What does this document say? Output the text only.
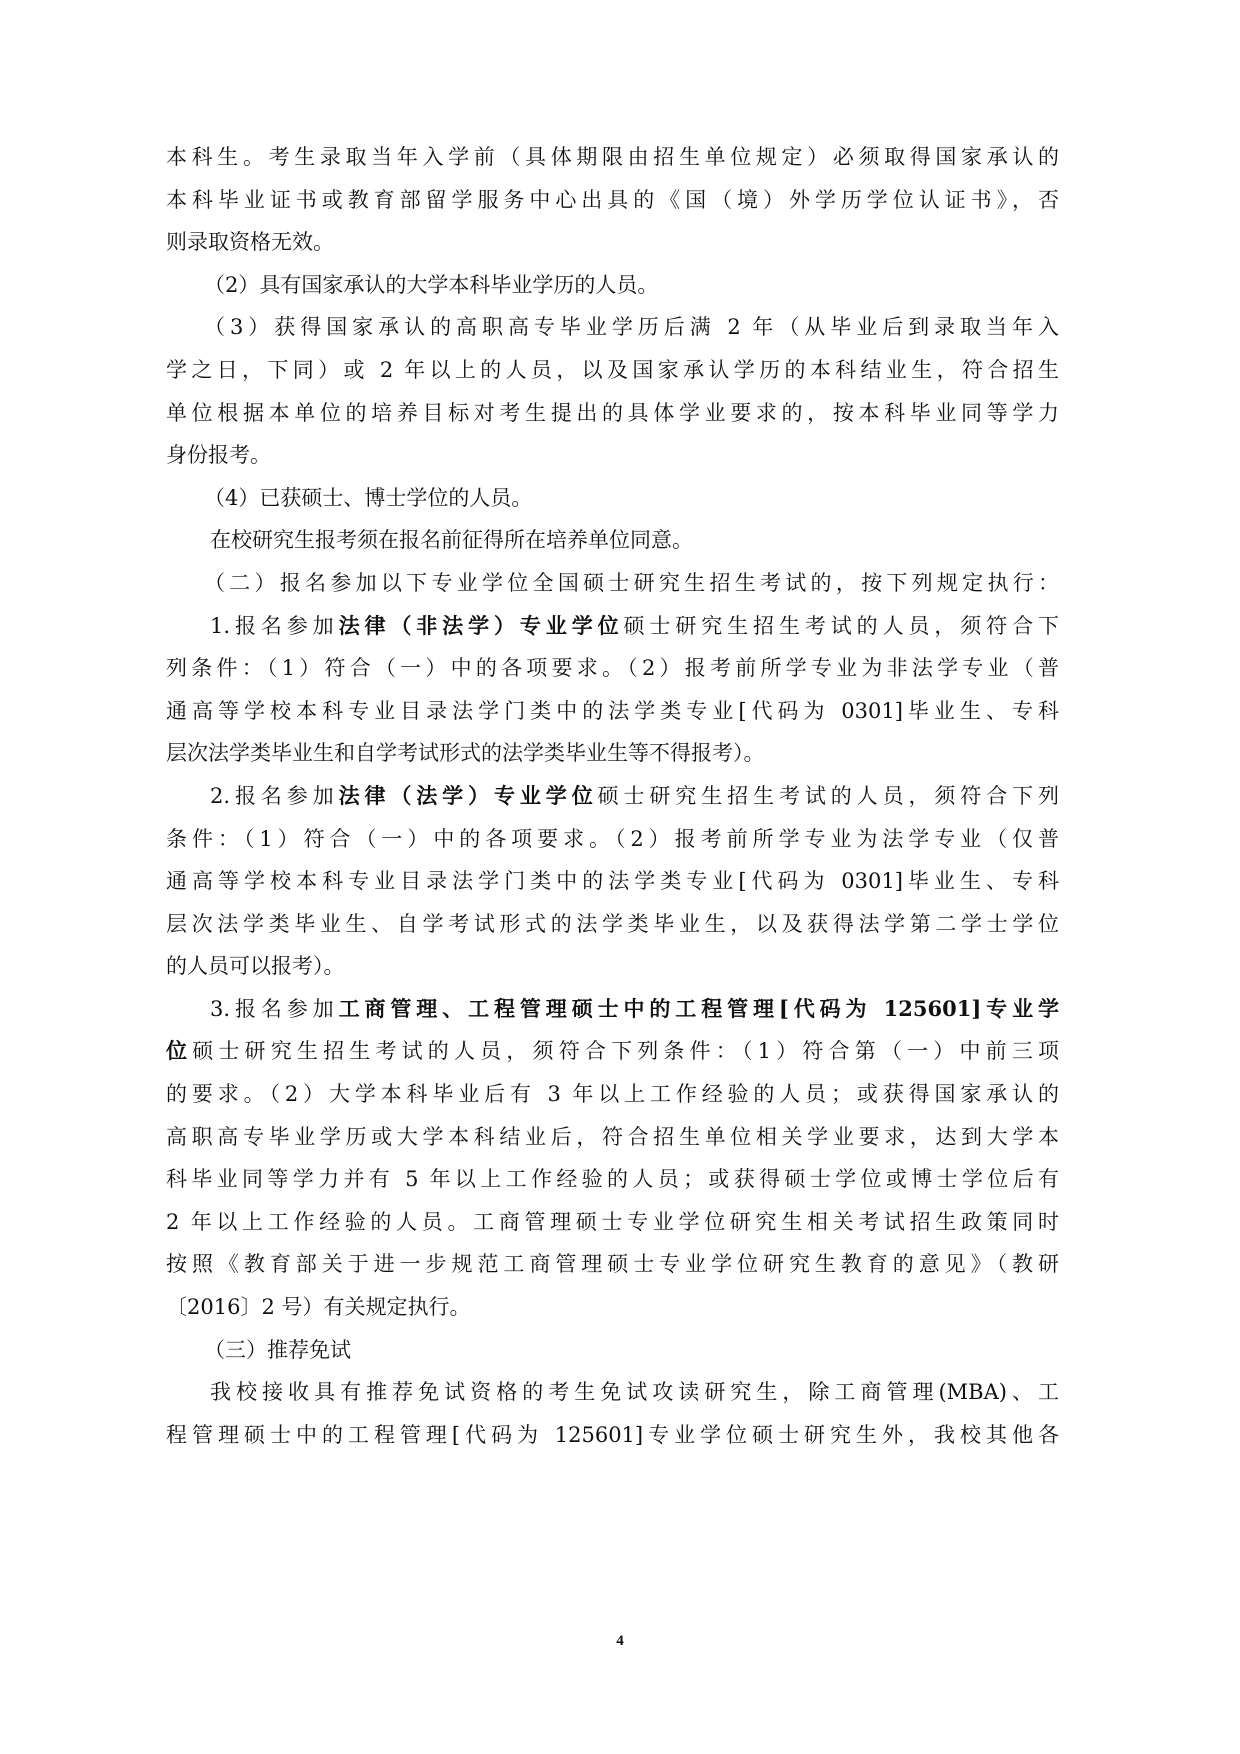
本科生。考生录取当年入学前（具体期限由招生单位规定）必须取得国家承认的
本科毕业证书或教育部留学服务中心出具的《国（境）外学历学位认证书》，否
则录取资格无效。
（2）具有国家承认的大学本科毕业学历的人员。
（3）获得国家承认的高职高专毕业学历后满 2 年（从毕业后到录取当年入
学之日，下同）或 2 年以上的人员，以及国家承认学历的本科结业生，符合招生
单位根据本单位的培养目标对考生提出的具体学业要求的，按本科毕业同等学力
身份报考。
（4）已获硕士、博士学位的人员。
在校研究生报考须在报名前征得所在培养单位同意。
（二）报名参加以下专业学位全国硕士研究生招生考试的，按下列规定执行：
1.报名参加法律（非法学）专业学位硕士研究生招生考试的人员，须符合下
列条件：（1）符合（一）中的各项要求。（2）报考前所学专业为非法学专业（普
通高等学校本科专业目录法学门类中的法学类专业[代码为 0301]毕业生、专科
层次法学类毕业生和自学考试形式的法学类毕业生等不得报考）。
2.报名参加法律（法学）专业学位硕士研究生招生考试的人员，须符合下列
条件：（1）符合（一）中的各项要求。（2）报考前所学专业为法学专业（仅普
通高等学校本科专业目录法学门类中的法学类专业[代码为 0301]毕业生、专科
层次法学类毕业生、自学考试形式的法学类毕业生，以及获得法学第二学士学位
的人员可以报考）。
3.报名参加工商管理、工程管理硕士中的工程管理[代码为 125601]专业学
位硕士研究生招生考试的人员，须符合下列条件：（1）符合第（一）中前三项
的要求。（2）大学本科毕业后有 3 年以上工作经验的人员；或获得国家承认的
高职高专毕业学历或大学本科结业后，符合招生单位相关学业要求，达到大学本
科毕业同等学力并有 5 年以上工作经验的人员；或获得硕士学位或博士学位后有
2 年以上工作经验的人员。工商管理硕士专业学位研究生相关考试招生政策同时
按照《教育部关于进一步规范工商管理硕士专业学位研究生教育的意见》（教研
〔2016〕2 号）有关规定执行。
（三）推荐免试
我校接收具有推荐免试资格的考生免试攻读研究生，除工商管理(MBA)、工
程管理硕士中的工程管理[代码为 125601]专业学位硕士研究生外，我校其他各
4
